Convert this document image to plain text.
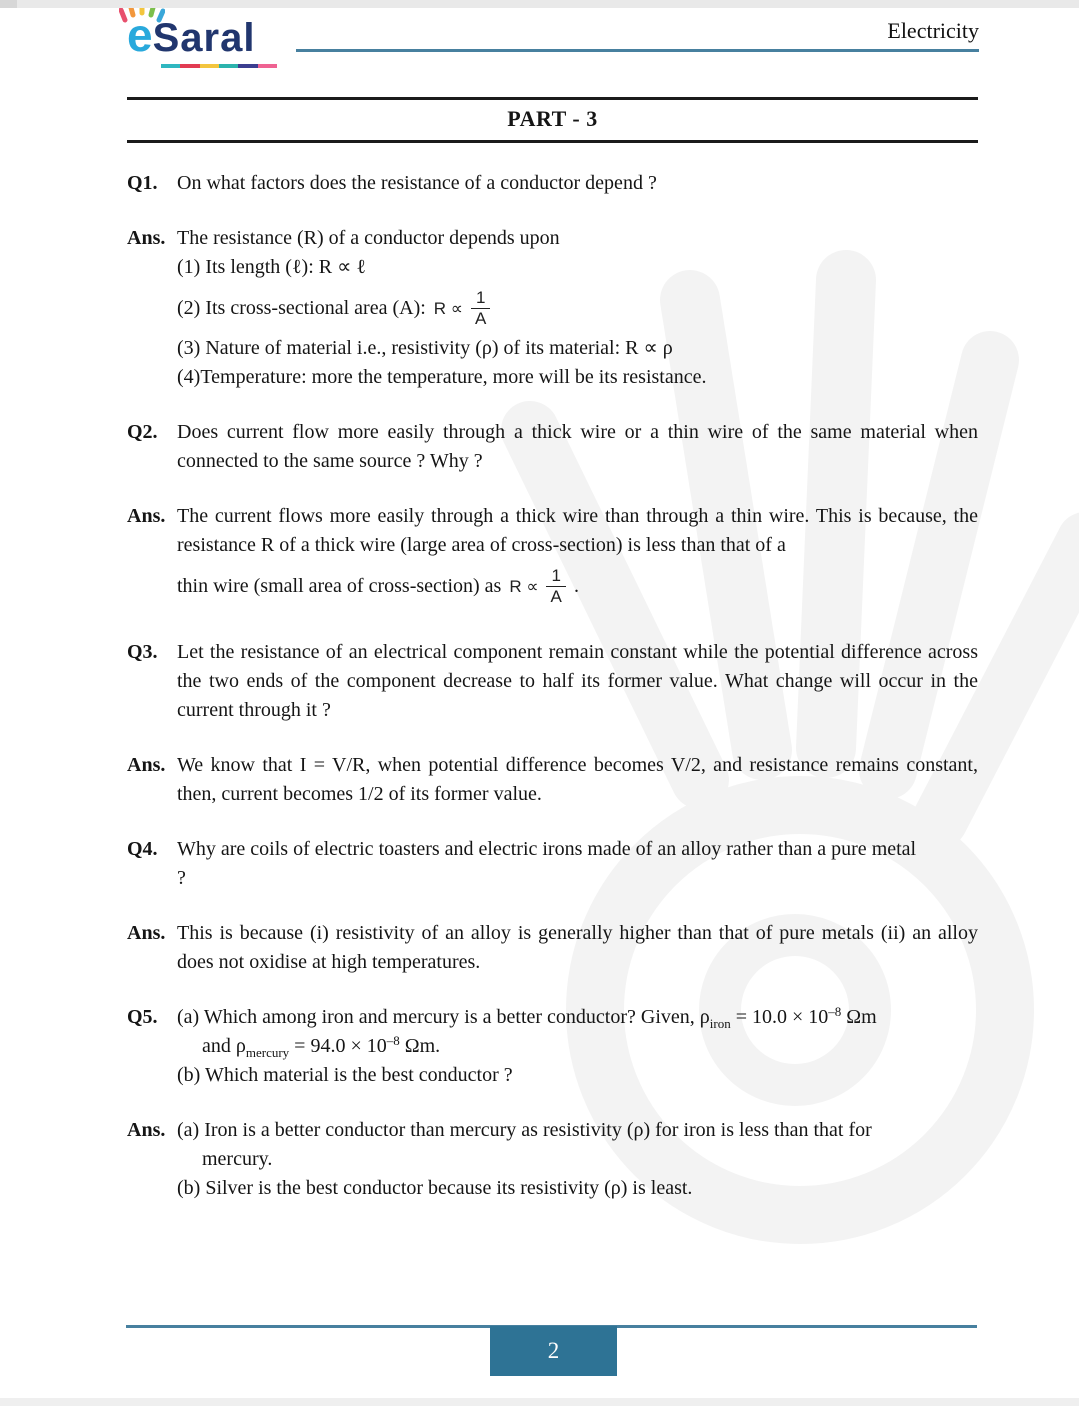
e Saral	Electricity
PART - 3
Q1. On what factors does the resistance of a conductor depend ?
Ans. The resistance (R) of a conductor depends upon
(1) Its length (ℓ): R ∝ ℓ
(2) Its cross-sectional area (A): $R \propto \frac{1}{A}$
(3) Nature of material i.e., resistivity (ρ) of its material: R ∝ ρ
(4)Temperature: more the temperature, more will be its resistance.
Q2. Does current flow more easily through a thick wire or a thin wire of the same material when connected to the same source ? Why ?
Ans. The current flows more easily through a thick wire than through a thin wire. This is because, the resistance R of a thick wire (large area of cross-section) is less than that of a
thin wire (small area of cross-section) as $R \propto \frac{1}{A}$ .
Q3. Let the resistance of an electrical component remain constant while the potential difference across the two ends of the component decrease to half its former value. What change will occur in the current through it ?
Ans. We know that I = V/R, when potential difference becomes V/2, and resistance remains constant, then, current becomes 1/2 of its former value.
Q4. Why are coils of electric toasters and electric irons made of an alloy rather than a pure metal
?
Ans. This is because (i) resistivity of an alloy is generally higher than that of pure metals (ii) an alloy does not oxidise at high temperatures.
Q5. (a) Which among iron and mercury is a better conductor? Given, $\rho_{iron} = 10.0 \times 10^{-8}$ Ωm
and $\rho_{mercury} = 94.0 \times 10^{-8}$ Ωm.
(b) Which material is the best conductor ?
Ans. (a) Iron is a better conductor than mercury as resistivity (ρ) for iron is less than that for
mercury.
(b) Silver is the best conductor because its resistivity (ρ) is least.
2
